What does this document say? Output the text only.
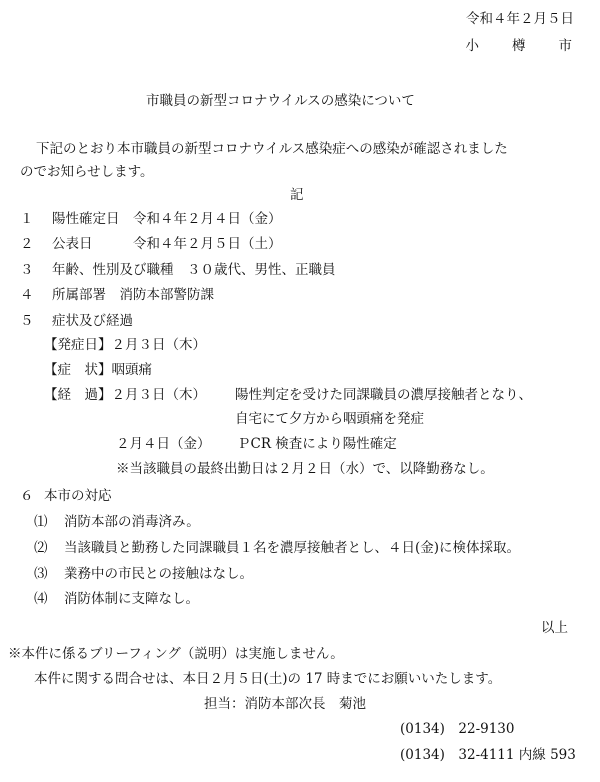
令和４年２月５日
小　　樽　　市
市職員の新型コロナウイルスの感染について
下記のとおり本市職員の新型コロナウイルス感染症への感染が確認されました
のでお知らせします。
記
１ 陽性確定日　令和４年２月４日（金）
２ 公表日　　　令和４年２月５日（土）
３ 年齢、性別及び職種　３０歳代、男性、正職員
４ 所属部署　消防本部警防課
５ 症状及び経過
【発症日】２月３日（木）
【症　状】咽頭痛
【経　過】２月３日（木） 陽性判定を受けた同課職員の濃厚接触者となり、
自宅にて夕方から咽頭痛を発症
２月４日（金） ＰCR 検査により陽性確定
※当該職員の最終出勤日は２月２日（水）で、以降勤務なし。
６ 本市の対応
⑴ 消防本部の消毒済み。
⑵ 当該職員と勤務した同課職員１名を濃厚接触者とし、４日(金)に検体採取。
⑶ 業務中の市民との接触はなし。
⑷ 消防体制に支障なし。
以上
※本件に係るブリーフィング（説明）は実施しません。
本件に関する問合せは、本日２月５日(土)の 17 時までにお願いいたします。
担当：消防本部次長　菊池
(0134)　22-9130
(0134)　32-4111 内線 593
